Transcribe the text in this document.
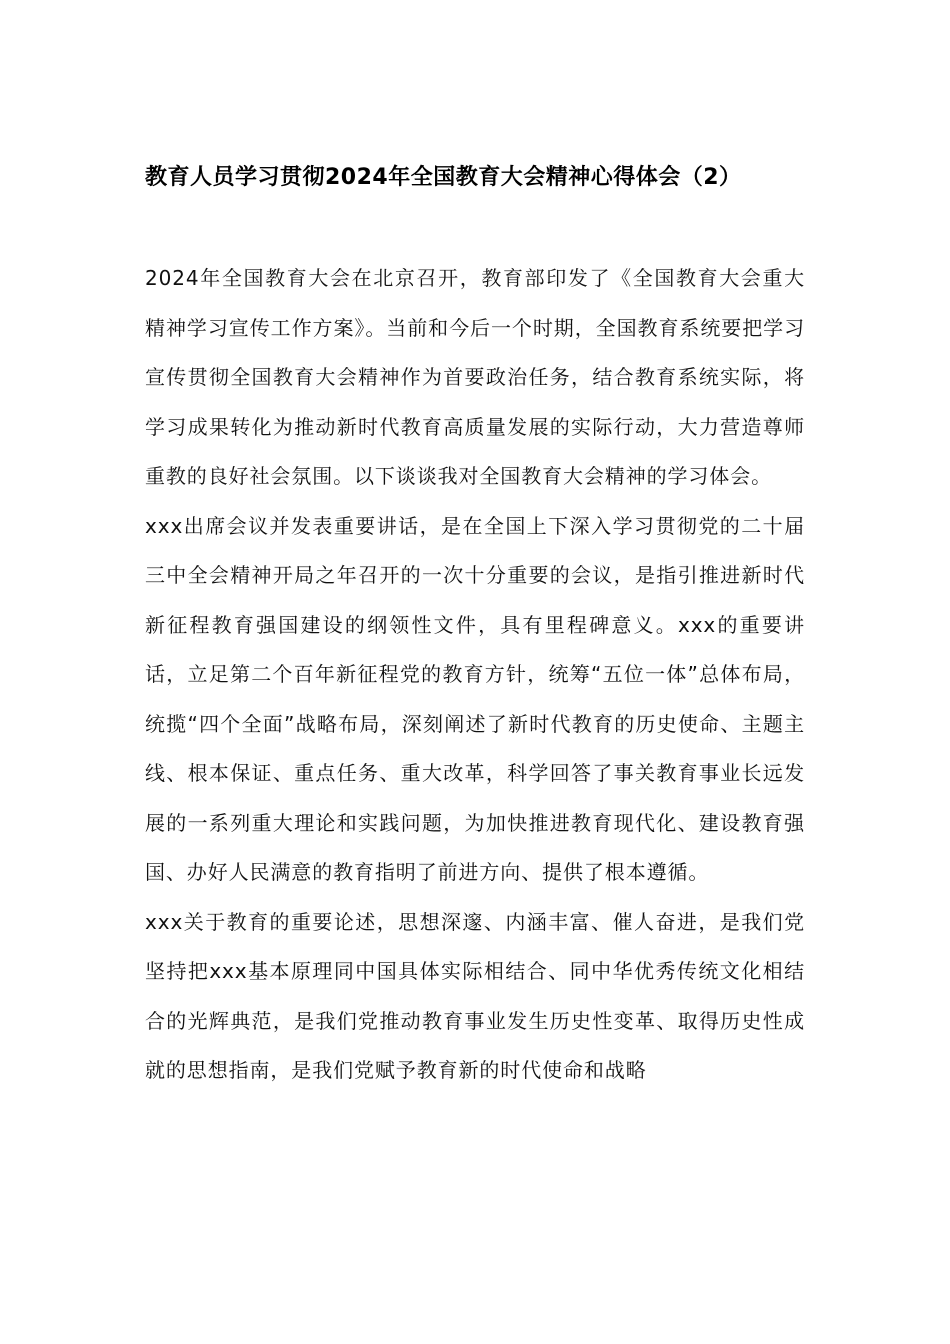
教育人员学习贯彻2024年全国教育大会精神心得体会（2）

2024年全国教育大会在北京召开，教育部印发了《全国教育大会重大精神学习宣传工作方案》。当前和今后一个时期，全国教育系统要把学习宣传贯彻全国教育大会精神作为首要政治任务，结合教育系统实际，将学习成果转化为推动新时代教育高质量发展的实际行动，大力营造尊师重教的良好社会氛围。以下谈谈我对全国教育大会精神的学习体会。

xxx出席会议并发表重要讲话，是在全国上下深入学习贯彻党的二十届三中全会精神开局之年召开的一次十分重要的会议，是指引推进新时代新征程教育强国建设的纲领性文件，具有里程碑意义。xxx的重要讲话，立足第二个百年新征程党的教育方针，统筹“五位一体”总体布局，统揽“四个全面”战略布局，深刻阐述了新时代教育的历史使命、主题主线、根本保证、重点任务、重大改革，科学回答了事关教育事业长远发展的一系列重大理论和实践问题，为加快推进教育现代化、建设教育强国、办好人民满意的教育指明了前进方向、提供了根本遵循。

xxx关于教育的重要论述，思想深邃、内涵丰富、催人奋进，是我们党坚持把xxx基本原理同中国具体实际相结合、同中华优秀传统文化相结合的光辉典范，是我们党推动教育事业发生历史性变革、取得历史性成就的思想指南，是我们党赋予教育新的时代使命和战略
